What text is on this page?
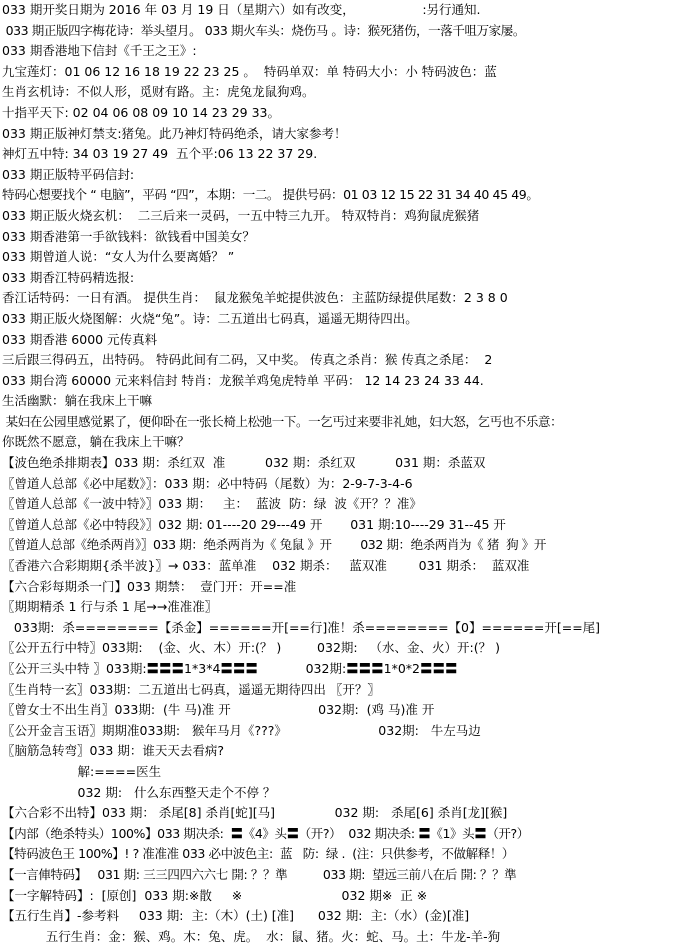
033 期开奖日期为 2016 年 03 月 19 日（星期六）如有改变，                 :另行通知.
033 期正版四字梅花诗：举头望月。 033 期火车头：烧伤马 。诗：猴死猪伤，一落千咀万家屡。
033 期香港地下信封《千王之王》:
九宝莲灯：01 06 12 16 18 19 22 23 25 。  特码单双：单 特码大小：小 特码波色：蓝
生肖玄机诗：不似人形，觅财有路。主：虎兔龙鼠狗鸡。
十指平天下: 02 04 06 08 09 10 14 23 29 33。
033 期正版神灯禁支:猪兔。此乃神灯特码绝杀，请大家参考！
神灯五中特: 34 03 19 27 49  五个平:06 13 22 37 29.
033 期正版特平码信封:
特码心想要找个 “ 电脑”，平码 “四”，本期：一二。 提供号码：01 03 12 15 22 31 34 40 45 49。
033 期正版火烧玄机：  二三后来一灵码，一五中特三九开。 特双特肖：鸡狗鼠虎猴猪
033 期香港第一手欲钱料：欲钱看中国美女？
033 期曾道人说：“女人为什么要离婚？ ”
033 期香江特码精选报:
香江话特码：一日有酒。 提供生肖：  鼠龙猴兔羊蛇提供波色：主蓝防绿提供尾数：2 3 8 0
033 期正版火烧图解：火烧“兔”。诗：二五道出七码真，遥遥无期待四出。
033 期香港 6000 元传真料
三后跟三得码五，出特码。 特码此间有二码，又中奖。 传真之杀肖：猴 传真之杀尾：  2
033 期台湾 60000 元来料信封 特肖：龙猴羊鸡兔虎特单 平码： 12 14 23 24 33 44.
生活幽默：躺在我床上干嘛
某妇在公园里感觉累了，便仰卧在一张长椅上松弛一下。一乞丐过来要非礼她，妇大怒，乞丐也不乐意：
你既然不愿意，躺在我床上干嘛？
【波色绝杀排期表】033 期：杀红双  准          032 期：杀红双          031 期：杀蓝双
〖曾道人总部《必中尾数》〗：033 期：必中特码（尾数）为：2-9-7-3-4-6
〖曾道人总部《一波中特》〗033 期：   主：  蓝波  防：绿  波《开？？准》
〖曾道人总部《必中特段》〗032 期: 01----20 29---49 开       031 期:10----29 31--45 开
〖曾道人总部《绝杀两肖》〗033 期：绝杀两肖为《 兔鼠 》开        032 期：绝杀两肖为《 猪  狗 》开
〖香港六合彩期期{杀半波}〗→ 033：蓝单准    032 期杀：   蓝双准        031 期杀：  蓝双准
【六合彩每期杀一门】033 期禁：  壹门开：开==准
〖期期精杀 1 行与杀 1 尾→→准准准〗
033期:  杀========【杀金】======开[==行]准！杀========【0】======开[==尾]
〖公开五行中特〗033期:    (金、火、木）开:(？ )         032期:   （水、金、火）开:(？ )
〖公开三头中特 〗033期:〓〓〓1*3*4〓〓〓            032期:〓〓〓1*0*2〓〓〓
〖生肖特一玄〗033期：二五道出七码真，遥遥无期待四出 〖开？〗
〖曾女士不出生肖〗033期:  (牛 马)准 开                      032期:  (鸡 马)准 开
〖公开金言玉语〗期期准033期:   猴年马月《???》                       032期:   牛左马边
〖脑筋急转弯〗033 期：谁天天去看病?
解:====医生
032 期:   什么东西整天走个不停 ？
【六合彩不出特】033 期： 杀尾[8] 杀肖[蛇][马]               032 期:   杀尾[6] 杀肖[龙][猴]
【内部（绝杀特头）100%】033 期决杀:  〓《4》头〓（开?）  032 期决杀: 〓《1》头〓（开?）
【特码波色王 100%】! ? 准准准 033 必中波色主:  蓝   防:  绿 .  (注：只供参考，不做解释！）
【一言俥特码】   031 期: 三三四四六六七 開: ？？準          033 期:  望远三前八在后 開: ？？準
【一字解特码】:  [原创]  033 期:※散     ※                         032 期※  正 ※
【五行生肖】-参考料     033 期:  主:（木）(土) [准]      032 期:  主:（水）(金)[准]
五行生肖：金：猴、鸡。木：兔、虎。  水：鼠、猪。火：蛇、马。土：牛龙-羊-狗
